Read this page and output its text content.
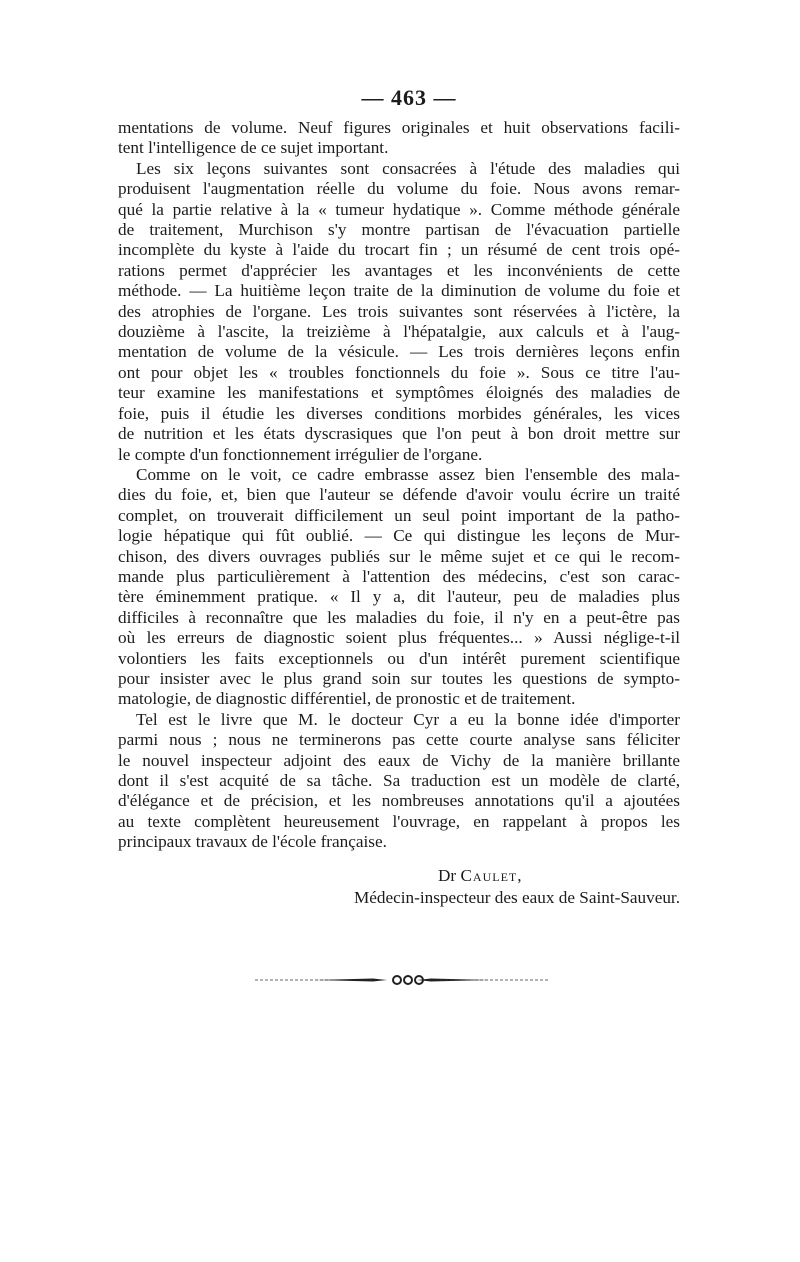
— 463 —
mentations de volume. Neuf figures originales et huit observations facili-
tent l'intelligence de ce sujet important.
Les six leçons suivantes sont consacrées à l'étude des maladies qui
produisent l'augmentation réelle du volume du foie. Nous avons remar-
qué la partie relative à la « tumeur hydatique ». Comme méthode générale
de traitement, Murchison s'y montre partisan de l'évacuation partielle
incomplète du kyste à l'aide du trocart fin ; un résumé de cent trois opé-
rations permet d'apprécier les avantages et les inconvénients de cette
méthode. — La huitième leçon traite de la diminution de volume du foie et
des atrophies de l'organe. Les trois suivantes sont réservées à l'ictère, la
douzième à l'ascite, la treizième à l'hépatalgie, aux calculs et à l'aug-
mentation de volume de la vésicule. — Les trois dernières leçons enfin
ont pour objet les « troubles fonctionnels du foie ». Sous ce titre l'au-
teur examine les manifestations et symptômes éloignés des maladies de
foie, puis il étudie les diverses conditions morbides générales, les vices
de nutrition et les états dyscrasiques que l'on peut à bon droit mettre sur
le compte d'un fonctionnement irrégulier de l'organe.
Comme on le voit, ce cadre embrasse assez bien l'ensemble des mala-
dies du foie, et, bien que l'auteur se défende d'avoir voulu écrire un traité
complet, on trouverait difficilement un seul point important de la patho-
logie hépatique qui fût oublié. — Ce qui distingue les leçons de Mur-
chison, des divers ouvrages publiés sur le même sujet et ce qui le recom-
mande plus particulièrement à l'attention des médecins, c'est son carac-
tère éminemment pratique. « Il y a, dit l'auteur, peu de maladies plus
difficiles à reconnaître que les maladies du foie, il n'y en a peut-être pas
où les erreurs de diagnostic soient plus fréquentes... » Aussi néglige-t-il
volontiers les faits exceptionnels ou d'un intérêt purement scientifique
pour insister avec le plus grand soin sur toutes les questions de sympto-
matologie, de diagnostic différentiel, de pronostic et de traitement.
Tel est le livre que M. le docteur Cyr a eu la bonne idée d'importer
parmi nous ; nous ne terminerons pas cette courte analyse sans féliciter
le nouvel inspecteur adjoint des eaux de Vichy de la manière brillante
dont il s'est acquité de sa tâche. Sa traduction est un modèle de clarté,
d'élégance et de précision, et les nombreuses annotations qu'il a ajoutées
au texte complètent heureusement l'ouvrage, en rappelant à propos les
principaux travaux de l'école française.
Dr Caulet,
Médecin-inspecteur des eaux de Saint-Sauveur.
